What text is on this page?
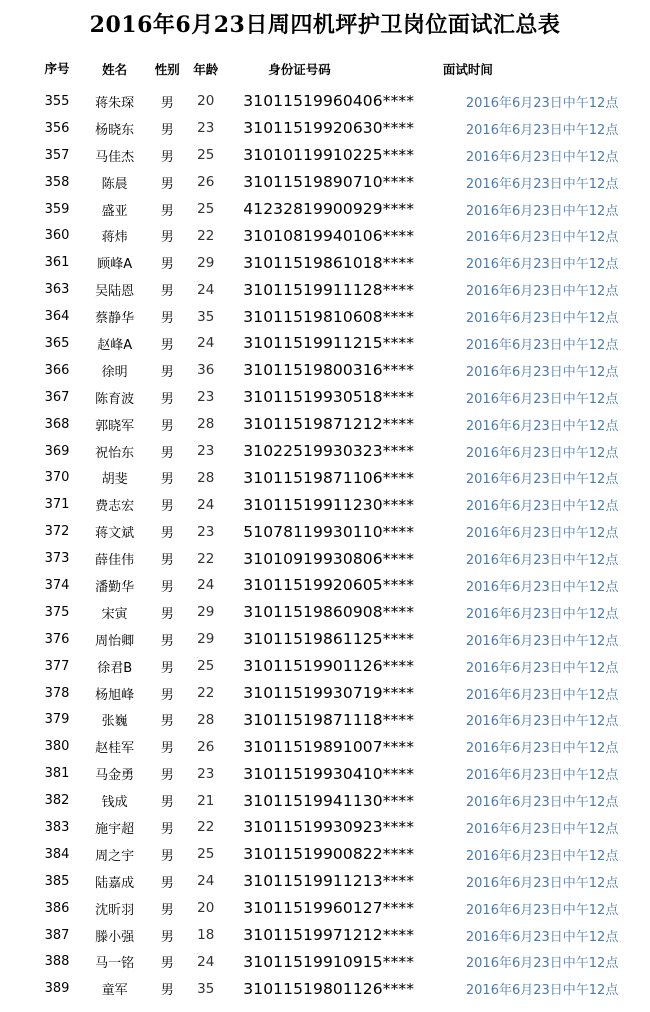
2016年6月23日周四机坪护卫岗位面试汇总表
序号	姓名	性别	年龄	身份证号码	面试时间
355	蒋朱琛	男	20	31011519960406****	2016年6月23日中午12点
356	杨晓东	男	23	31011519920630****	2016年6月23日中午12点
357	马佳杰	男	25	31010119910225****	2016年6月23日中午12点
358	陈晨	男	26	31011519890710****	2016年6月23日中午12点
359	盛亚	男	25	41232819900929****	2016年6月23日中午12点
360	蒋炜	男	22	31010819940106****	2016年6月23日中午12点
361	顾峰A	男	29	31011519861018****	2016年6月23日中午12点
363	吴陆恩	男	24	31011519911128****	2016年6月23日中午12点
364	蔡静华	男	35	31011519810608****	2016年6月23日中午12点
365	赵峰A	男	24	31011519911215****	2016年6月23日中午12点
366	徐明	男	36	31011519800316****	2016年6月23日中午12点
367	陈育波	男	23	31011519930518****	2016年6月23日中午12点
368	郭晓军	男	28	31011519871212****	2016年6月23日中午12点
369	祝怡东	男	23	31022519930323****	2016年6月23日中午12点
370	胡斐	男	28	31011519871106****	2016年6月23日中午12点
371	费志宏	男	24	31011519911230****	2016年6月23日中午12点
372	蒋文斌	男	23	51078119930110****	2016年6月23日中午12点
373	薛佳伟	男	22	31010919930806****	2016年6月23日中午12点
374	潘勤华	男	24	31011519920605****	2016年6月23日中午12点
375	宋寅	男	29	31011519860908****	2016年6月23日中午12点
376	周怡卿	男	29	31011519861125****	2016年6月23日中午12点
377	徐君B	男	25	31011519901126****	2016年6月23日中午12点
378	杨旭峰	男	22	31011519930719****	2016年6月23日中午12点
379	张巍	男	28	31011519871118****	2016年6月23日中午12点
380	赵桂军	男	26	31011519891007****	2016年6月23日中午12点
381	马金勇	男	23	31011519930410****	2016年6月23日中午12点
382	钱成	男	21	31011519941130****	2016年6月23日中午12点
383	施宇超	男	22	31011519930923****	2016年6月23日中午12点
384	周之宇	男	25	31011519900822****	2016年6月23日中午12点
385	陆嘉成	男	24	31011519911213****	2016年6月23日中午12点
386	沈昕羽	男	20	31011519960127****	2016年6月23日中午12点
387	滕小强	男	18	31011519971212****	2016年6月23日中午12点
388	马一铭	男	24	31011519910915****	2016年6月23日中午12点
389	童军	男	35	31011519801126****	2016年6月23日中午12点
